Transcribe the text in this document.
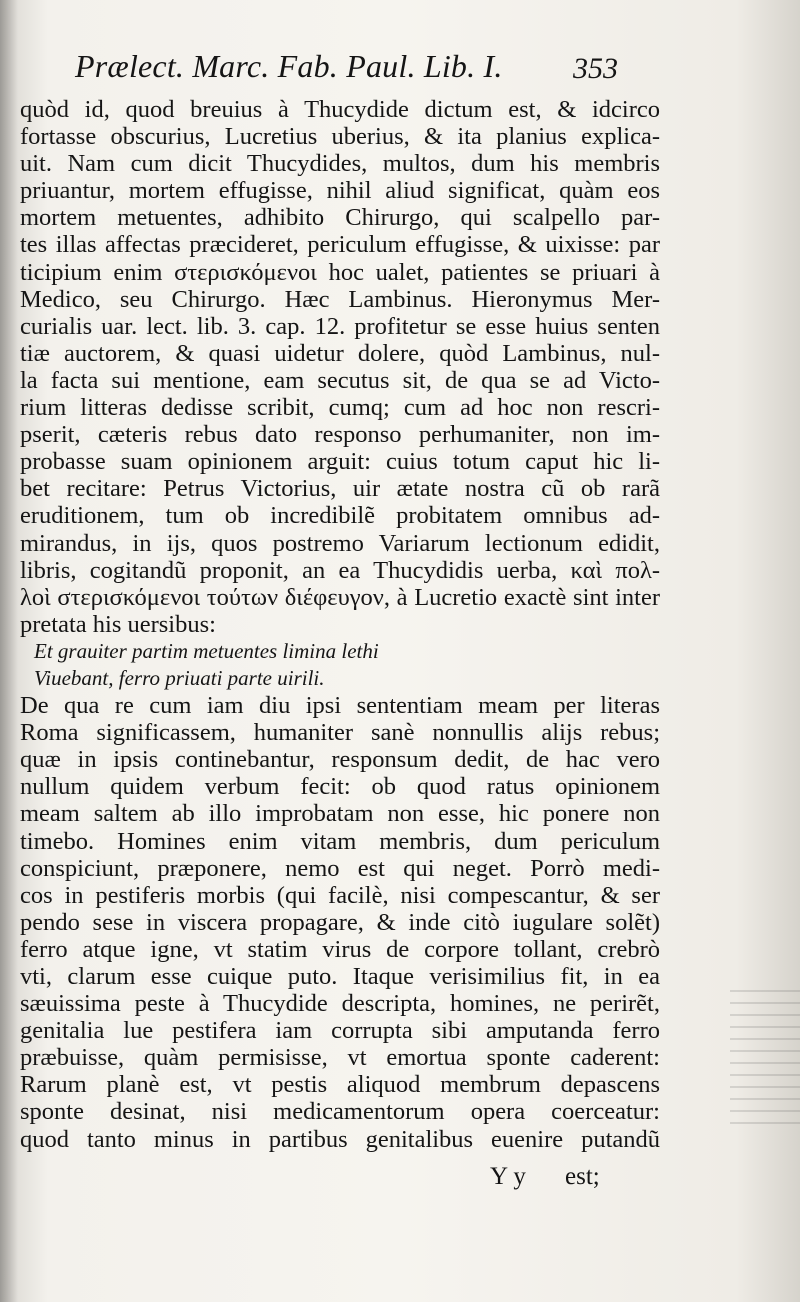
Prælect. Marc. Fab. Paul. Lib. I. 353
quòd id, quod breuius à Thucydide dictum est, & idcirco
fortasse obscurius, Lucretius uberius, & ita planius explica-
uit. Nam cum dicit Thucydides, multos, dum his membris
priuantur, mortem effugisse, nihil aliud significat, quàm eos
mortem metuentes, adhibito Chirurgo, qui scalpello par-
tes illas affectas præcideret, periculum effugisse, & uixisse: par
ticipium enim στερισκόμενοι hoc ualet, patientes se priuari à
Medico, seu Chirurgo. Hæc Lambinus. Hieronymus Mer-
curialis uar. lect. lib. 3. cap. 12. profitetur se esse huius senten
tiæ auctorem, & quasi uidetur dolere, quòd Lambinus, nul-
la facta sui mentione, eam secutus sit, de qua se ad Victo-
rium litteras dedisse scribit, cumq; cum ad hoc non rescri-
pserit, cæteris rebus dato responso perhumaniter, non im-
probasse suam opinionem arguit: cuius totum caput hic li-
bet recitare: Petrus Victorius, uir ætate nostra cũ ob rarã
eruditionem, tum ob incredibilẽ probitatem omnibus ad-
mirandus, in ijs, quos postremo Variarum lectionum edidit,
libris, cogitandũ proponit, an ea Thucydidis uerba, καὶ πολ-
λοὶ στερισκόμενοι τούτων διέφευγον, à Lucretio exactè sint inter
pretata his uersibus:
Et grauiter partim metuentes limina lethi
Viuebant, ferro priuati parte uirili.
De qua re cum iam diu ipsi sententiam meam per literas
Roma significassem, humaniter sanè nonnullis alijs rebus;
quæ in ipsis continebantur, responsum dedit, de hac vero
nullum quidem verbum fecit: ob quod ratus opinionem
meam saltem ab illo improbatam non esse, hic ponere non
timebo. Homines enim vitam membris, dum periculum
conspiciunt, præponere, nemo est qui neget. Porrò medi-
cos in pestiferis morbis (qui facilè, nisi compescantur, & ser
pendo sese in viscera propagare, & inde citò iugulare solẽt)
ferro atque igne, vt statim virus de corpore tollant, crebrò
vti, clarum esse cuique puto. Itaque verisimilius fit, in ea
sæuissima peste à Thucydide descripta, homines, ne perirẽt,
genitalia lue pestifera iam corrupta sibi amputanda ferro
præbuisse, quàm permisisse, vt emortua sponte caderent:
Rarum planè est, vt pestis aliquod membrum depascens
sponte desinat, nisi medicamentorum opera coerceatur:
quod tanto minus in partibus genitalibus euenire putandũ
Y y est;
